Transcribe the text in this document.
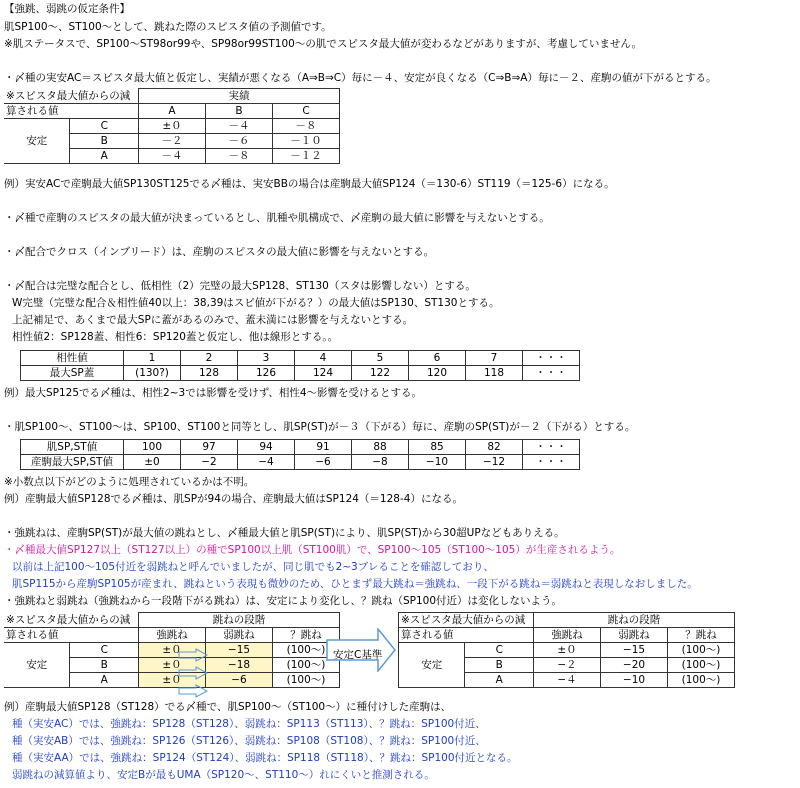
【強跳、弱跳の仮定条件】
肌SP100～、ST100～として、跳ねた際のスピスタ値の予測値です。
※肌ステータスで、SP100～ST98or99や、SP98or99ST100～の肌でスピスタ最大値が変わるなどがありますが、考慮していません。
・〆種の実安AC＝スピスタ最大値と仮定し、実績が悪くなる（A⇒B⇒C）毎に－４、安定が良くなる（C⇒B⇒A）毎に－２、産駒の値が下がるとする。
※スピスタ最大値からの減		実績		
算される値		A	B	C
安定	C	±０	－４	－８
	B	－２	－６	－１０
	A	－４	－８	－１２
例）実安ACで産駒最大値SP130ST125でる〆種は、実安BBの場合は産駒最大値SP124（＝130-6）ST119（＝125-6）になる。
・〆種で産駒のスピスタの最大値が決まっているとし、肌種や肌構成で、〆産駒の最大値に影響を与えないとする。
・〆配合でクロス（インブリード）は、産駒のスピスタの最大値に影響を与えないとする。
・〆配合は完璧な配合とし、低相性（2）完璧の最大SP128、ST130（スタは影響しない）とする。
W完璧（完璧な配合＆相性値40以上：38,39はスピ値が下がる？）の最大値はSP130、ST130とする。
上記補足で、あくまで最大SPに蓋があるのみで、蓋未満には影響を与えないとする。
相性値2：SP128蓋、相性6：SP120蓋と仮定し、他は線形とする。。
相性値	1	2	3	4	5	6	7	・・・
最大SP蓋	(130?)	128	126	124	122	120	118	・・・
例）最大SP125でる〆種は、相性2~3では影響を受けず、相性4～影響を受けるとする。
・肌SP100～、ST100～は、SP100、ST100と同等とし、肌SP(ST)が－３（下がる）毎に、産駒のSP(ST)が－２（下がる）とする。
肌SP,ST値	100	97	94	91	88	85	82	・・・
産駒最大SP,ST値	±0	−2	−4	−6	−8	−10	−12	・・・
※小数点以下がどのように処理されているかは不明。
例）産駒最大値SP128でる〆種は、肌SPが94の場合、産駒最大値はSP124（＝128-4）になる。
・強跳ねは、産駒SP(ST)が最大値の跳ねとし、〆種最大値と肌SP(ST)により、肌SP(ST)から30超UPなどもありえる。
・〆種最大値SP127以上（ST127以上）の種でSP100以上肌（ST100肌）で、SP100～105（ST100～105）が生産されるよう。
以前は上記100～105付近を弱跳ねと呼んでいましたが、同じ肌でも2~3ブレることを確認しており、
肌SP115から産駒SP105が産まれ、跳ねという表現も微妙のため、ひとまず最大跳ね＝強跳ね、一段下がる跳ね＝弱跳ねと表現しなおしました。
・強跳ねと弱跳ね（強跳ねから一段階下がる跳ね）は、安定により変化し、？跳ね（SP100付近）は変化しないよう。
※スピスタ最大値からの減		跳ねの段階		
算される値		強跳ね	弱跳ね	？跳ね
安定	C	±０	−15	(100～)
	B	±０	−18	(100～)
	A	±０	−6	(100～)
安定C基準
※スピスタ最大値からの減		跳ねの段階		
算される値		強跳ね	弱跳ね	？跳ね
安定	C	±０	−15	(100～)
	B	−２	−20	(100～)
	A	−４	−10	(100～)
例）産駒最大値SP128（ST128）でる〆種で、肌SP100～（ST100～）に種付けした産駒は、
種（実安AC）では、強跳ね：SP128（ST128）、弱跳ね：SP113（ST113）、？跳ね：SP100付近、
種（実安AB）では、強跳ね：SP126（ST126）、弱跳ね：SP108（ST108）、？跳ね：SP100付近、
種（実安AA）では、強跳ね：SP124（ST124）、弱跳ね：SP118（ST118）、？跳ね：SP100付近となる。
弱跳ねの減算値より、安定Bが最もUMA（SP120～、ST110～）れにくいと推測される。
